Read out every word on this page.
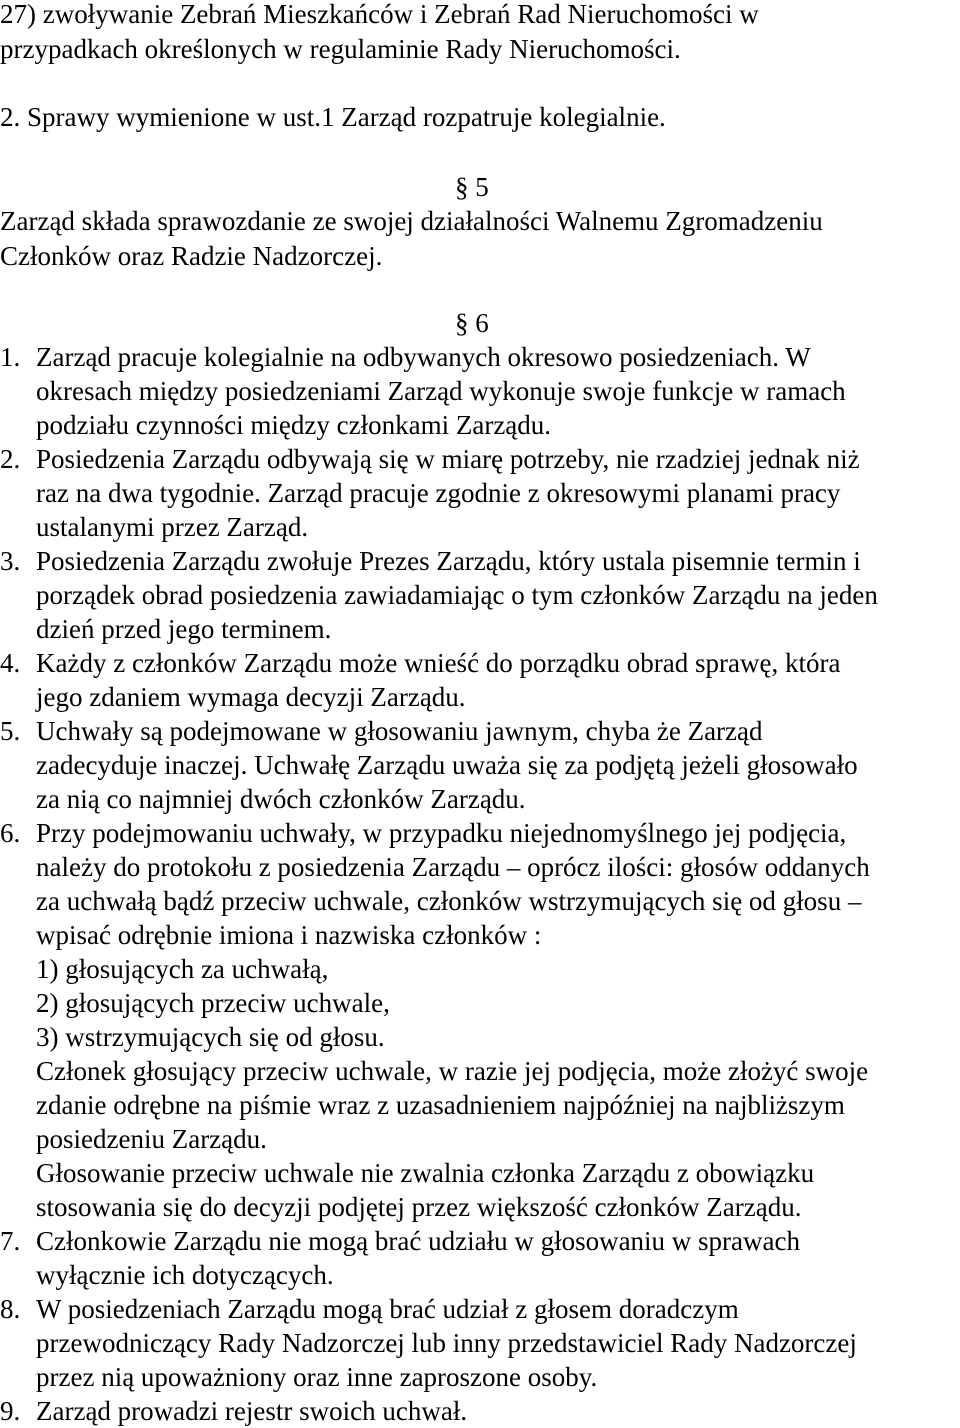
27) zwoływanie Zebrań Mieszkańców i Zebrań Rad Nieruchomości w
przypadkach określonych w regulaminie Rady Nieruchomości.
2. Sprawy wymienione w ust.1 Zarząd rozpatruje kolegialnie.
§ 5
Zarząd składa sprawozdanie ze swojej działalności Walnemu Zgromadzeniu
Członków oraz Radzie Nadzorczej.
§ 6
1. Zarząd pracuje kolegialnie na odbywanych okresowo posiedzeniach. W
okresach między posiedzeniami Zarząd wykonuje swoje funkcje w ramach
podziału czynności między członkami Zarządu.
2. Posiedzenia Zarządu odbywają się w miarę potrzeby, nie rzadziej jednak niż
raz na dwa tygodnie. Zarząd pracuje zgodnie z okresowymi planami pracy
ustalanymi przez Zarząd.
3. Posiedzenia Zarządu zwołuje Prezes Zarządu, który ustala pisemnie termin i
porządek obrad posiedzenia zawiadamiając o tym członków Zarządu na jeden
dzień przed jego terminem.
4. Każdy z członków Zarządu może wnieść do porządku obrad sprawę, która
jego zdaniem wymaga decyzji Zarządu.
5. Uchwały są podejmowane w głosowaniu jawnym, chyba że Zarząd
zadecyduje inaczej. Uchwałę Zarządu uważa się za podjętą jeżeli głosowało
za nią co najmniej dwóch członków Zarządu.
6. Przy podejmowaniu uchwały, w przypadku niejednomyślnego jej podjęcia,
należy do protokołu z posiedzenia Zarządu – oprócz ilości: głosów oddanych
za uchwałą bądź przeciw uchwale, członków wstrzymujących się od głosu –
wpisać odrębnie imiona i nazwiska członków :
1) głosujących za uchwałą,
2) głosujących przeciw uchwale,
3) wstrzymujących się od głosu.
Członek głosujący przeciw uchwale, w razie jej podjęcia, może złożyć swoje
zdanie odrębne na piśmie wraz z uzasadnieniem najpóźniej na najbliższym
posiedzeniu Zarządu.
Głosowanie przeciw uchwale nie zwalnia członka Zarządu z obowiązku
stosowania się do decyzji podjętej przez większość członków Zarządu.
7. Członkowie Zarządu nie mogą brać udziału w głosowaniu w sprawach
wyłącznie ich dotyczących.
8. W posiedzeniach Zarządu mogą brać udział z głosem doradczym
przewodniczący Rady Nadzorczej lub inny przedstawiciel Rady Nadzorczej
przez nią upoważniony oraz inne zaproszone osoby.
9. Zarząd prowadzi rejestr swoich uchwał.
